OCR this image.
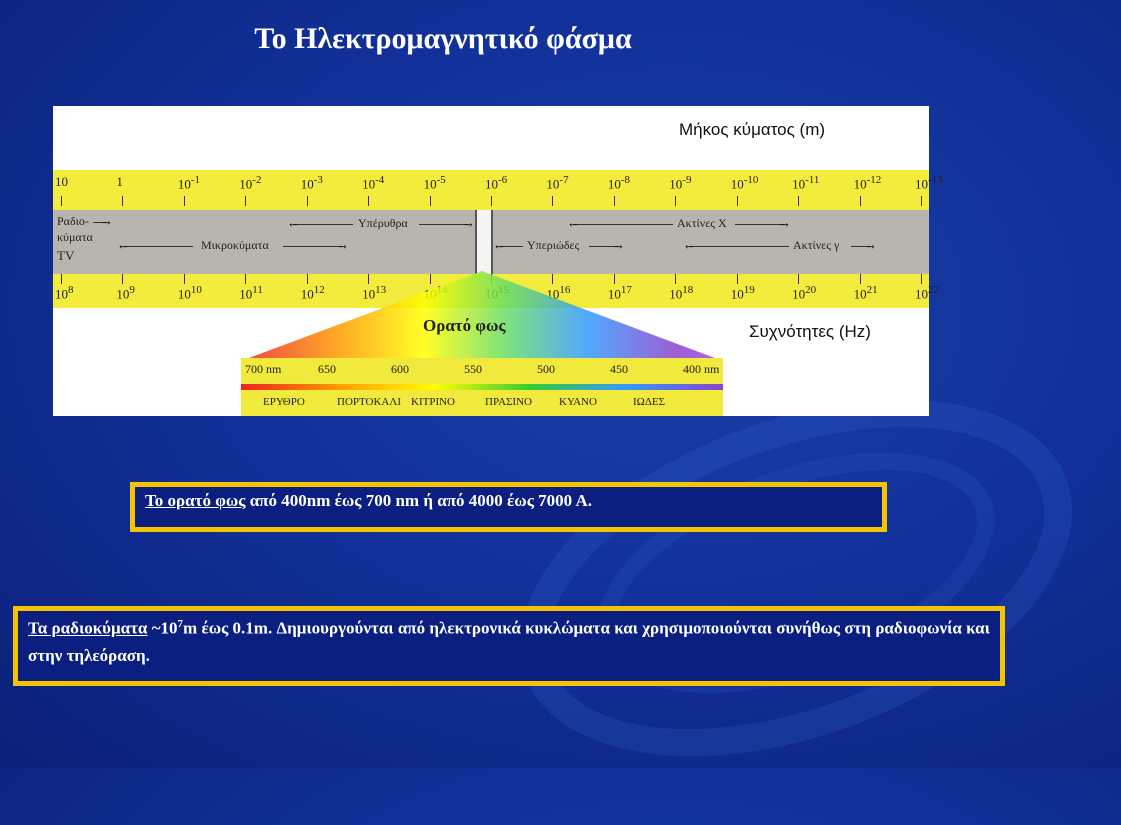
Το Ηλεκτρομαγνητικό φάσμα
Μήκος κύματος (m)
10	1	$10^{-1}$	$10^{-2}$	$10^{-3}$	$10^{-4}$	$10^{-5}$	$10^{-6}$	$10^{-7}$	$10^{-8}$	$10^{-9}$	$10^{-10}$	$10^{-11}$	$10^{-12}$	$10^{-13}$
Ραδιο-
→
κύματα
TV
←
Μικροκύματα
→
←
Υπέρυθρα
→
←
Υπεριώδες
→
←
Ακτίνες Χ
→
←
Ακτίνες γ
→
$10^8$	$10^9$	$10^{10}$	$10^{11}$	$10^{12}$	$10^{13}$	$10^{16}$	$10^{17}$	$10^{18}$	$10^{19}$	$10^{20}$	$10^{21}$	$10^{22}$
Ορατό φως	Συχνότητες (Hz)
700 nm	650	600	550	500	450	400 nm
ΕΡΥΘΡΟ	ΠΟΡΤΟΚΑΛΙ ΚΙΤΡΙΝΟ	ΠΡΑΣΙΝΟ ΚΥΑΝΟ	ΙΩΔΕΣ
Το ορατό φως από 400nm έως 700 nm ή από 4000 έως 7000 Α.
Τα ραδιοκύματα $\sim 10^7m$ έως 0.1m. Δημιουργούνται από ηλεκτρονικά κυκλώματα και χρησιμοποιούνται συνήθως στη ραδιοφωνία και στην τηλεόραση.
